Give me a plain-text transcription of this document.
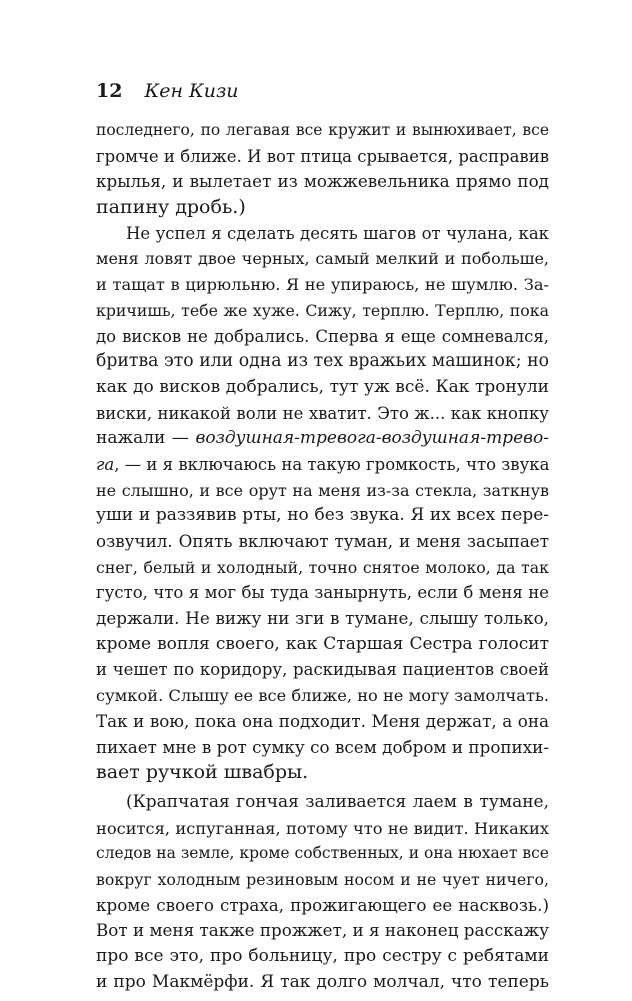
12 Кен Кизи
последнего, по легавая все кружит и вынюхивает, все
громче и ближе. И вот птица срывается, расправив
крылья, и вылетает из можжевельника прямо под
папину дробь.)
Не успел я сделать десять шагов от чулана, как
меня ловят двое черных, самый мелкий и побольше,
и тащат в цирюльню. Я не упираюсь, не шумлю. За-
кричишь, тебе же хуже. Сижу, терплю. Терплю, пока
до висков не добрались. Сперва я еще сомневался,
бритва это или одна из тех вражьих машинок; но
как до висков добрались, тут уж всё. Как тронули
виски, никакой воли не хватит. Это ж... как кнопку
нажали — воздушная-тревога-воздушная-трево-
га, — и я включаюсь на такую громкость, что звука
не слышно, и все орут на меня из-за стекла, заткнув
уши и раззявив рты, но без звука. Я их всех пере-
озвучил. Опять включают туман, и меня засыпает
снег, белый и холодный, точно снятое молоко, да так
густо, что я мог бы туда занырнуть, если б меня не
держали. Не вижу ни зги в тумане, слышу только,
кроме вопля своего, как Старшая Сестра голосит
и чешет по коридору, раскидывая пациентов своей
сумкой. Слышу ее все ближе, но не могу замолчать.
Так и вою, пока она подходит. Меня держат, а она
пихает мне в рот сумку со всем добром и пропихи-
вает ручкой швабры.
(Крапчатая гончая заливается лаем в тумане,
носится, испуганная, потому что не видит. Никаких
следов на земле, кроме собственных, и она нюхает все
вокруг холодным резиновым носом и не чует ничего,
кроме своего страха, прожигающего ее насквозь.)
Вот и меня также прожжет, и я наконец расскажу
про все это, про больницу, про сестру с ребятами
и про Макмёрфи. Я так долго молчал, что теперь
